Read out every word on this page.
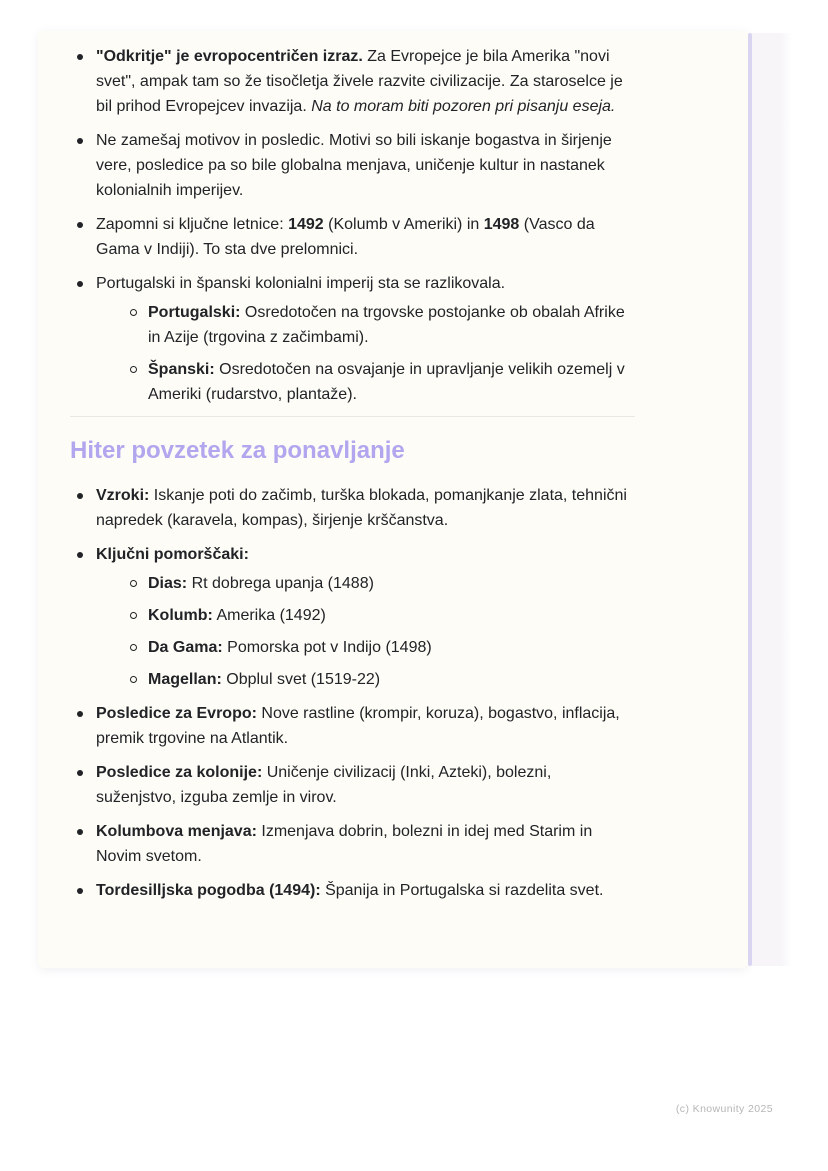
"Odkritje" je evropocentričen izraz. Za Evropejce je bila Amerika "novi svet", ampak tam so že tisočletja živele razvite civilizacije. Za staroselce je bil prihod Evropejcev invazija. Na to moram biti pozoren pri pisanju eseja.
Ne zamešaj motivov in posledic. Motivi so bili iskanje bogastva in širjenje vere, posledice pa so bile globalna menjava, uničenje kultur in nastanek kolonialnih imperijev.
Zapomni si ključne letnice: 1492 (Kolumb v Ameriki) in 1498 (Vasco da Gama v Indiji). To sta dve prelomnici.
Portugalski in španski kolonialni imperij sta se razlikovala.
Portugalski: Osredotočen na trgovske postojanke ob obalah Afrike in Azije (trgovina z začimbami).
Španski: Osredotočen na osvajanje in upravljanje velikih ozemelj v Ameriki (rudarstvo, plantaže).
Hiter povzetek za ponavljanje
Vzroki: Iskanje poti do začimb, turška blokada, pomanjkanje zlata, tehnični napredek (karavela, kompas), širjenje krščanstva.
Ključni pomorščaki:
Dias: Rt dobrega upanja (1488)
Kolumb: Amerika (1492)
Da Gama: Pomorska pot v Indijo (1498)
Magellan: Obplul svet (1519-22)
Posledice za Evropo: Nove rastline (krompir, koruza), bogastvo, inflacija, premik trgovine na Atlantik.
Posledice za kolonije: Uničenje civilizacij (Inki, Azteki), bolezni, suženjstvo, izguba zemlje in virov.
Kolumbova menjava: Izmenjava dobrin, bolezni in idej med Starim in Novim svetom.
Tordesilljska pogodba (1494): Španija in Portugalska si razdelita svet.
(c) Knowunity 2025
